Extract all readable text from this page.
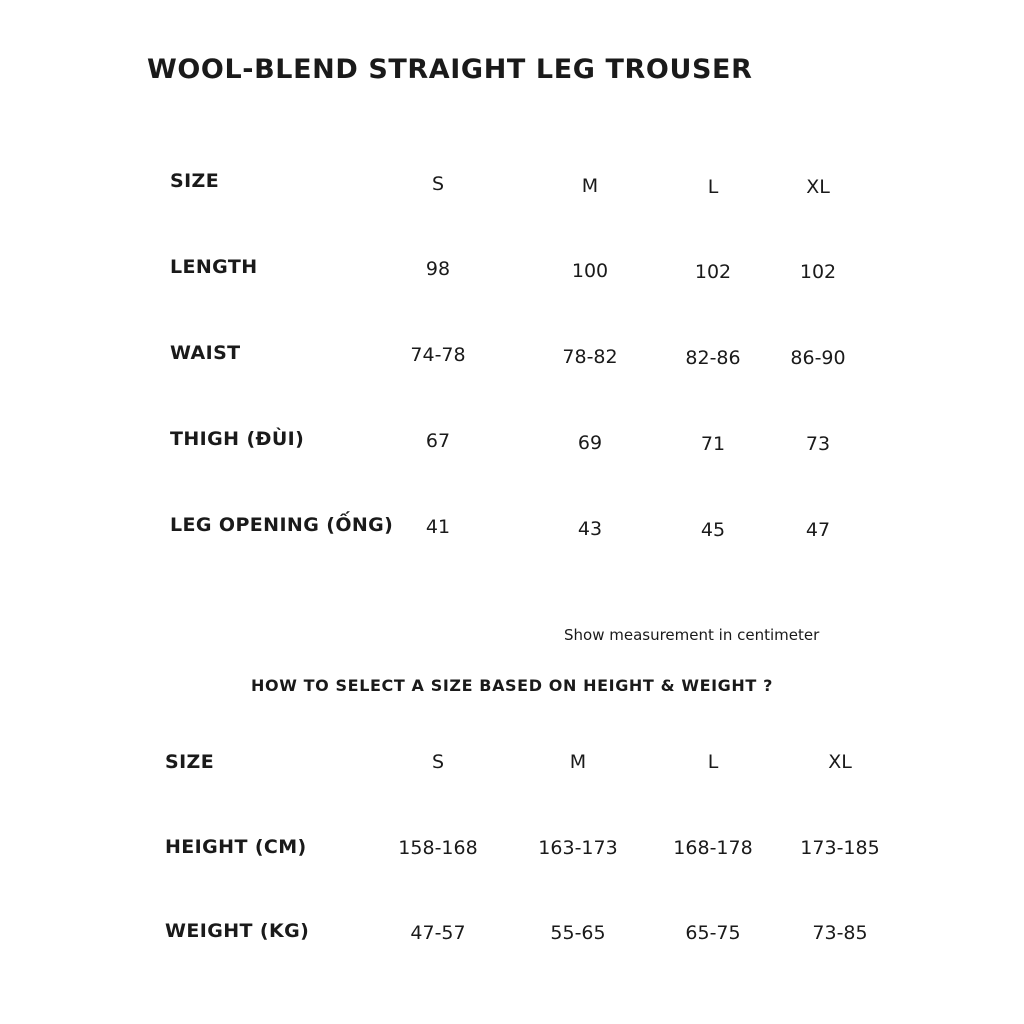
WOOL-BLEND STRAIGHT LEG TROUSER
SIZE	S	M	L	XL
LENGTH	98	100	102	102
WAIST	74-78	78-82	82-86	86-90
THIGH (ĐÙI)	67	69	71	73
LEG OPENING (ỐNG) 41	43	45	47
Show measurement in centimeter
HOW TO SELECT A SIZE BASED ON HEIGHT & WEIGHT ?
SIZE	S	M	L	XL
HEIGHT (CM)	158-168	163-173	168-178	173-185
WEIGHT (KG)	47-57	55-65	65-75	73-85
